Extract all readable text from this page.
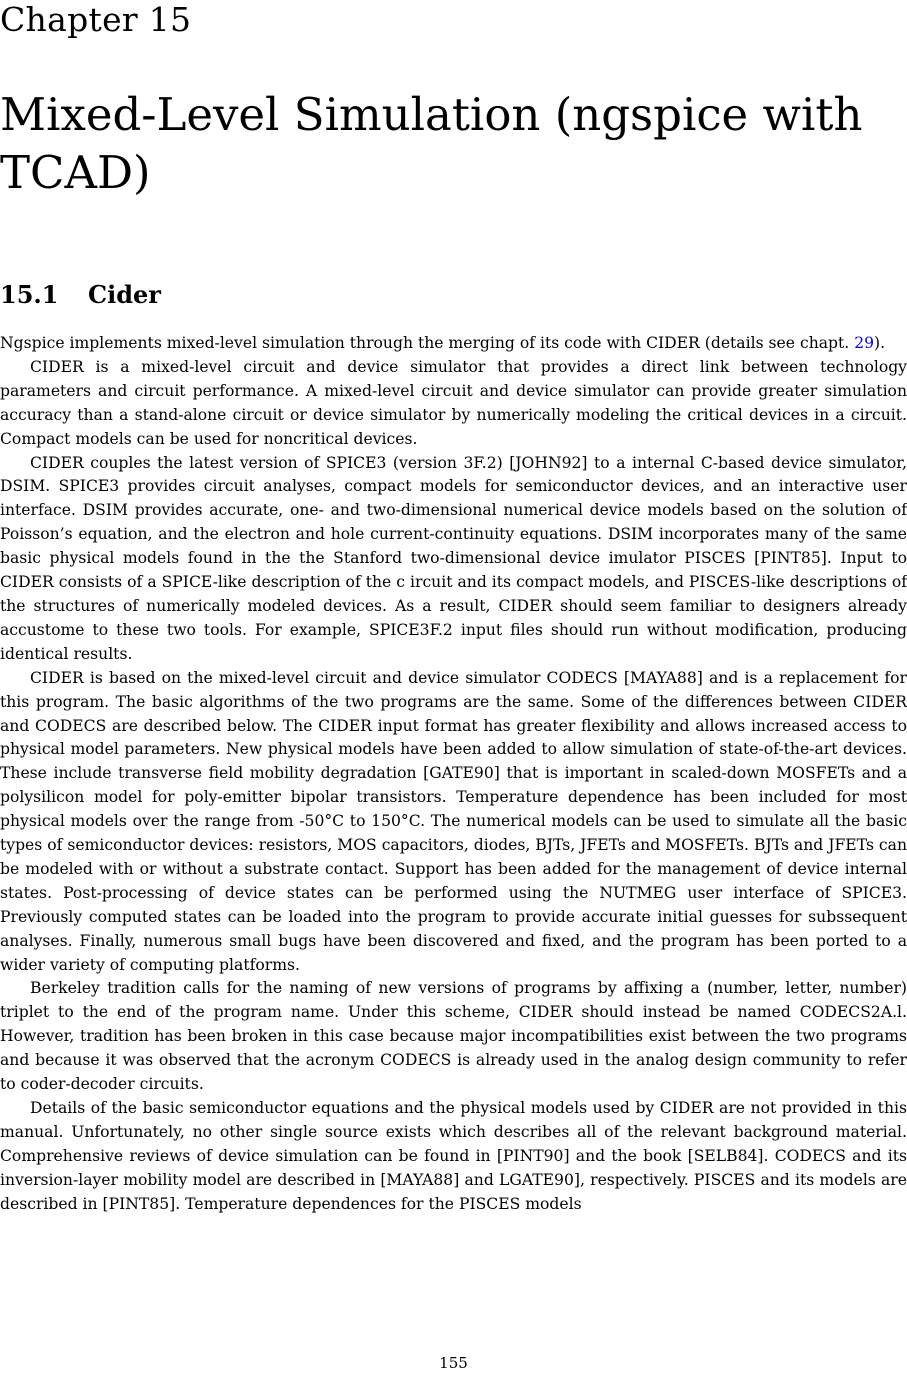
Chapter 15
Mixed-Level Simulation (ngspice with TCAD)
15.1 Cider

Ngspice implements mixed-level simulation through the merging of its code with CIDER (details see chapt. 29).

CIDER is a mixed-level circuit and device simulator that provides a direct link between technology parameters and circuit performance. A mixed-level circuit and device simulator can provide greater simulation accuracy than a stand-alone circuit or device simulator by numerically modeling the critical devices in a circuit. Compact models can be used for noncritical devices.

CIDER couples the latest version of SPICE3 (version 3F.2) [JOHN92] to a internal C-based device simulator, DSIM. SPICE3 provides circuit analyses, compact models for semiconductor devices, and an interactive user interface. DSIM provides accurate, one- and two-dimensional numerical device models based on the solution of Poisson’s equation, and the electron and hole current-continuity equations. DSIM incorporates many of the same basic physical models found in the the Stanford two-dimensional device imulator PISCES [PINT85]. Input to CIDER consists of a SPICE-like description of the c ircuit and its compact models, and PISCES-like descriptions of the structures of numerically modeled devices. As a result, CIDER should seem familiar to designers already accustome to these two tools. For example, SPICE3F.2 input files should run without modification, producing identical results.

CIDER is based on the mixed-level circuit and device simulator CODECS [MAYA88] and is a replacement for this program. The basic algorithms of the two programs are the same. Some of the differences between CIDER and CODECS are described below. The CIDER input format has greater flexibility and allows increased access to physical model parameters. New physical models have been added to allow simulation of state-of-the-art devices. These include transverse field mobility degradation [GATE90] that is important in scaled-down MOSFETs and a polysilicon model for poly-emitter bipolar transistors. Temperature dependence has been included for most physical models over the range from -50°C to 150°C. The numerical models can be used to simulate all the basic types of semiconductor devices: resistors, MOS capacitors, diodes, BJTs, JFETs and MOSFETs. BJTs and JFETs can be modeled with or without a substrate contact. Support has been added for the management of device internal states. Post-processing of device states can be performed using the NUTMEG user interface of SPICE3. Previously computed states can be loaded into the program to provide accurate initial guesses for subssequent analyses. Finally, numerous small bugs have been discovered and fixed, and the program has been ported to a wider variety of computing platforms.

Berkeley tradition calls for the naming of new versions of programs by affixing a (number, letter, number) triplet to the end of the program name. Under this scheme, CIDER should instead be named CODECS2A.l. However, tradition has been broken in this case because major incompatibilities exist between the two programs and because it was observed that the acronym CODECS is already used in the analog design community to refer to coder-decoder circuits.

Details of the basic semiconductor equations and the physical models used by CIDER are not provided in this manual. Unfortunately, no other single source exists which describes all of the relevant background material. Comprehensive reviews of device simulation can be found in [PINT90] and the book [SELB84]. CODECS and its inversion-layer mobility model are described in [MAYA88] and LGATE90], respectively. PISCES and its models are described in [PINT85]. Temperature dependences for the PISCES models

155
